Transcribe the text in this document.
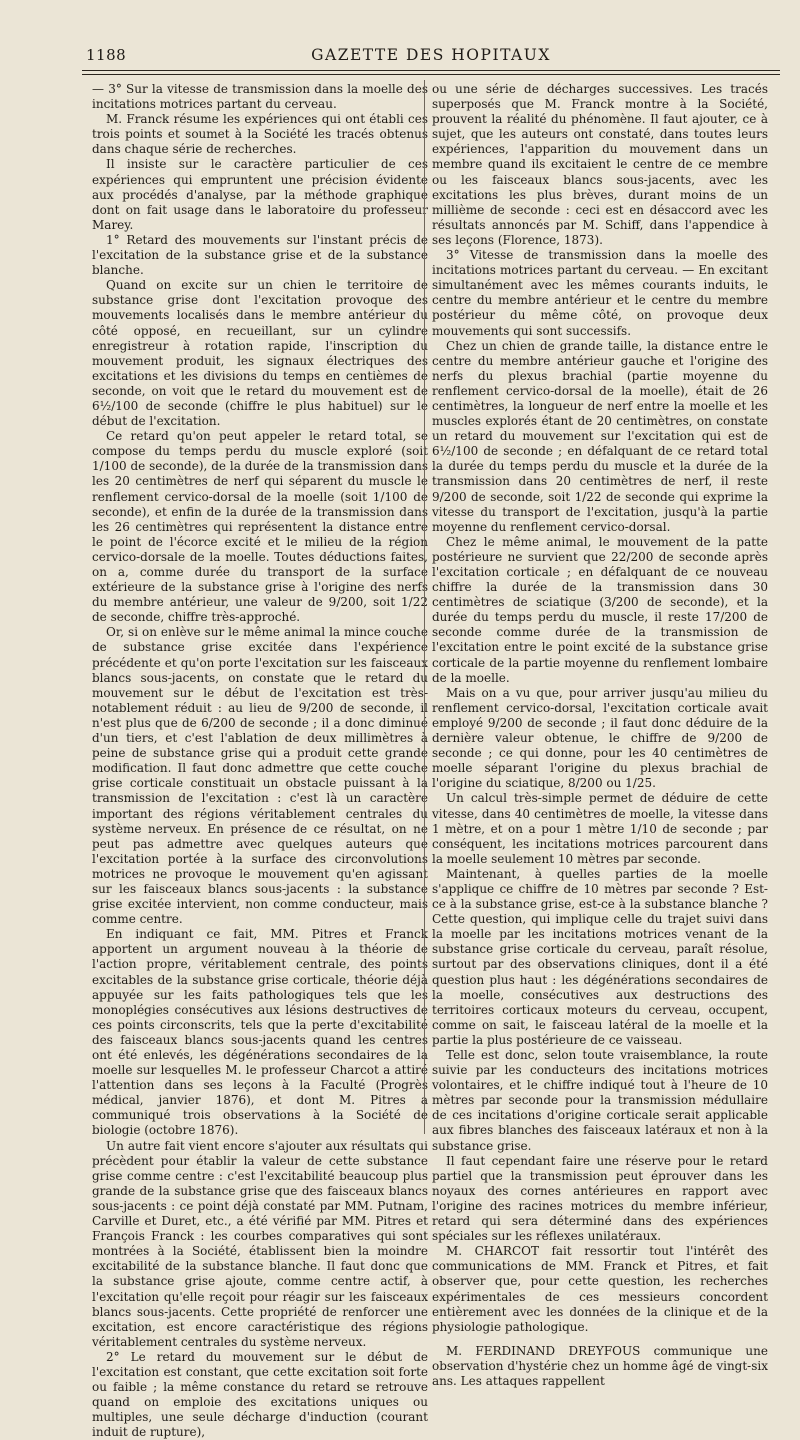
1188	GAZETTE DES HOPITAUX

— 3° Sur la vitesse de transmission dans la moelle des incitations motrices partant du cerveau.

M. Franck résume les expériences qui ont établi ces trois points et soumet à la Société les tracés obtenus dans chaque série de recherches.

Il insiste sur le caractère particulier de ces expériences qui empruntent une précision évidente aux procédés d'analyse, par la méthode graphique dont on fait usage dans le laboratoire du professeur Marey.

1° Retard des mouvements sur l'instant précis de l'excitation de la substance grise et de la substance blanche.

Quand on excite sur un chien le territoire de substance grise dont l'excitation provoque des mouvements localisés dans le membre antérieur du côté opposé, en recueillant, sur un cylindre enregistreur à rotation rapide, l'inscription du mouvement produit, les signaux électriques des excitations et les divisions du temps en centièmes de seconde, on voit que le retard du mouvement est de 6½/100 de seconde (chiffre le plus habituel) sur le début de l'excitation.

Ce retard qu'on peut appeler le retard total, se compose du temps perdu du muscle exploré (soit 1/100 de seconde), de la durée de la transmission dans les 20 centimètres de nerf qui séparent du muscle le renflement cervico-dorsal de la moelle (soit 1/100 de seconde), et enfin de la durée de la transmission dans les 26 centimètres qui représentent la distance entre le point de l'écorce excité et le milieu de la région cervico-dorsale de la moelle. Toutes déductions faites, on a, comme durée du transport de la surface extérieure de la substance grise à l'origine des nerfs du membre antérieur, une valeur de 9/200, soit 1/22 de seconde, chiffre très-approché.

Or, si on enlève sur le même animal la mince couche de substance grise excitée dans l'expérience précédente et qu'on porte l'excitation sur les faisceaux blancs sous-jacents, on constate que le retard du mouvement sur le début de l'excitation est très-notablement réduit : au lieu de 9/200 de seconde, il n'est plus que de 6/200 de seconde ; il a donc diminué d'un tiers, et c'est l'ablation de deux millimètres à peine de substance grise qui a produit cette grande modification. Il faut donc admettre que cette couche grise corticale constituait un obstacle puissant à la transmission de l'excitation : c'est là un caractère important des régions véritablement centrales du système nerveux. En présence de ce résultat, on ne peut pas admettre avec quelques auteurs que l'excitation portée à la surface des circonvolutions motrices ne provoque le mouvement qu'en agissant sur les faisceaux blancs sous-jacents : la substance grise excitée intervient, non comme conducteur, mais comme centre.

En indiquant ce fait, MM. Pitres et Franck apportent un argument nouveau à la théorie de l'action propre, véritablement centrale, des points excitables de la substance grise corticale, théorie déjà appuyée sur les faits pathologiques tels que les monoplégies consécutives aux lésions destructives de ces points circonscrits, tels que la perte d'excitabilité des faisceaux blancs sous-jacents quand les centres ont été enlevés, les dégénérations secondaires de la moelle sur lesquelles M. le professeur Charcot a attiré l'attention dans ses leçons à la Faculté (Progrès médical, janvier 1876), et dont M. Pitres a communiqué trois observations à la Société de biologie (octobre 1876).

Un autre fait vient encore s'ajouter aux résultats qui précèdent pour établir la valeur de cette substance grise comme centre : c'est l'excitabilité beaucoup plus grande de la substance grise que des faisceaux blancs sous-jacents : ce point déjà constaté par MM. Putnam, Carville et Duret, etc., a été vérifié par MM. Pitres et François Franck : les courbes comparatives qui sont montrées à la Société, établissent bien la moindre excitabilité de la substance blanche. Il faut donc que la substance grise ajoute, comme centre actif, à l'excitation qu'elle reçoit pour réagir sur les faisceaux blancs sous-jacents. Cette propriété de renforcer une excitation, est encore caractéristique des régions véritablement centrales du système nerveux.

2° Le retard du mouvement sur le début de l'excitation est constant, que cette excitation soit forte ou faible ; la même constance du retard se retrouve quand on emploie des excitations uniques ou multiples, une seule décharge d'induction (courant induit de rupture),

ou une série de décharges successives. Les tracés superposés que M. Franck montre à la Société, prouvent la réalité du phénomène. Il faut ajouter, ce à sujet, que les auteurs ont constaté, dans toutes leurs expériences, l'apparition du mouvement dans un membre quand ils excitaient le centre de ce membre ou les faisceaux blancs sous-jacents, avec les excitations les plus brèves, durant moins de un millième de seconde : ceci est en désaccord avec les résultats annoncés par M. Schiff, dans l'appendice à ses leçons (Florence, 1873).

3° Vitesse de transmission dans la moelle des incitations motrices partant du cerveau. — En excitant simultanément avec les mêmes courants induits, le centre du membre antérieur et le centre du membre postérieur du même côté, on provoque deux mouvements qui sont successifs.

Chez un chien de grande taille, la distance entre le centre du membre antérieur gauche et l'origine des nerfs du plexus brachial (partie moyenne du renflement cervico-dorsal de la moelle), était de 26 centimètres, la longueur de nerf entre la moelle et les muscles explorés étant de 20 centimètres, on constate un retard du mouvement sur l'excitation qui est de 6½/100 de seconde ; en défalquant de ce retard total la durée du temps perdu du muscle et la durée de la transmission dans 20 centimètres de nerf, il reste 9/200 de seconde, soit 1/22 de seconde qui exprime la vitesse du transport de l'excitation, jusqu'à la partie moyenne du renflement cervico-dorsal.

Chez le même animal, le mouvement de la patte postérieure ne survient que 22/200 de seconde après l'excitation corticale ; en défalquant de ce nouveau chiffre la durée de la transmission dans 30 centimètres de sciatique (3/200 de seconde), et la durée du temps perdu du muscle, il reste 17/200 de seconde comme durée de la transmission de l'excitation entre le point excité de la substance grise corticale de la partie moyenne du renflement lombaire de la moelle.

Mais on a vu que, pour arriver jusqu'au milieu du renflement cervico-dorsal, l'excitation corticale avait employé 9/200 de seconde ; il faut donc déduire de la dernière valeur obtenue, le chiffre de 9/200 de seconde ; ce qui donne, pour les 40 centimètres de moelle séparant l'origine du plexus brachial de l'origine du sciatique, 8/200 ou 1/25.

Un calcul très-simple permet de déduire de cette vitesse, dans 40 centimètres de moelle, la vitesse dans 1 mètre, et on a pour 1 mètre 1/10 de seconde ; par conséquent, les incitations motrices parcourent dans la moelle seulement 10 mètres par seconde.

Maintenant, à quelles parties de la moelle s'applique ce chiffre de 10 mètres par seconde ? Est-ce à la substance grise, est-ce à la substance blanche ? Cette question, qui implique celle du trajet suivi dans la moelle par les incitations motrices venant de la substance grise corticale du cerveau, paraît résolue, surtout par des observations cliniques, dont il a été question plus haut : les dégénérations secondaires de la moelle, consécutives aux destructions des territoires corticaux moteurs du cerveau, occupent, comme on sait, le faisceau latéral de la moelle et la partie la plus postérieure de ce vaisseau.

Telle est donc, selon toute vraisemblance, la route suivie par les conducteurs des incitations motrices volontaires, et le chiffre indiqué tout à l'heure de 10 mètres par seconde pour la transmission médullaire de ces incitations d'origine corticale serait applicable aux fibres blanches des faisceaux latéraux et non à la substance grise.

Il faut cependant faire une réserve pour le retard partiel que la transmission peut éprouver dans les noyaux des cornes antérieures en rapport avec l'origine des racines motrices du membre inférieur, retard qui sera déterminé dans des expériences spéciales sur les réflexes unilatéraux.

M. CHARCOT fait ressortir tout l'intérêt des communications de MM. Franck et Pitres, et fait observer que, pour cette question, les recherches expérimentales de ces messieurs concordent entièrement avec les données de la clinique et de la physiologie pathologique.

M. FERDINAND DREYFOUS communique une observation d'hystérie chez un homme âgé de vingt-six ans. Les attaques rappellent
